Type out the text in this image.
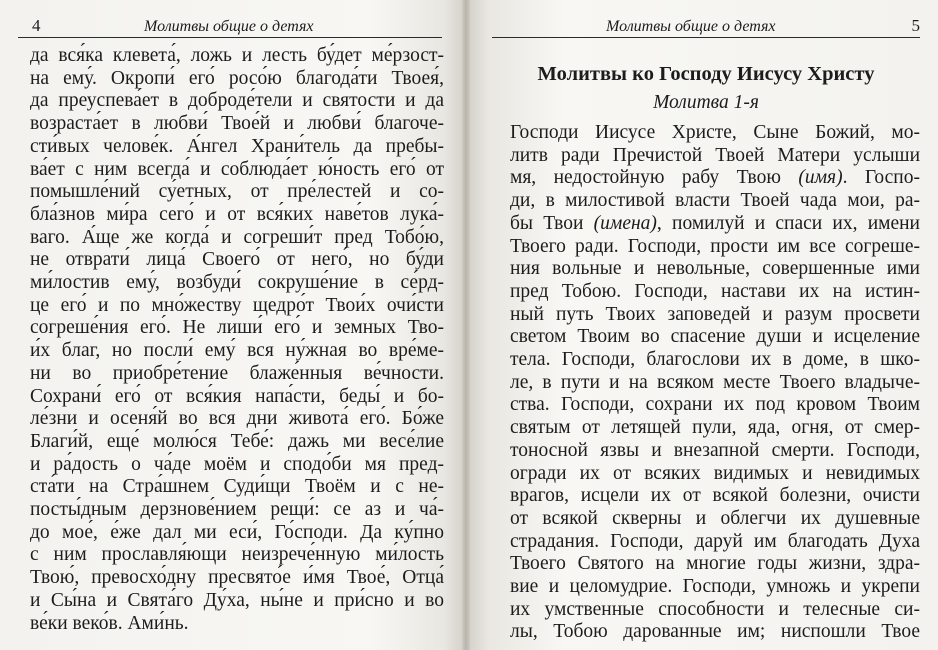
4	Молитвы общие о детях
да вся́ка клевета́, ложь и лесть бу́дет ме́рзост-
на ему́. Окропи́ его́ росо́ю благода́ти Твоея́,
да преуспева́ет в доброде́тели и святости и да
возраста́ет в любви́ Твое́й и любви́ благоче-
сти́вых челове́к. А́нгел Храни́тель да пребы-
ва́ет с ним всегда́ и соблюда́ет ю́ность его́ от
помышле́ний су́етных, от пре́лестей и со-
бла́знов ми́ра сего́ и от вся́ких наве́тов лука́-
ваго. А́ще же когда́ и согреши́т пред Тобо́ю,
не отврати́ лица́ Своего́ от него́, но бу́ди
ми́лостив ему́, возбуди́ сокруше́ние в се́рд-
це его́ и по мно́жеству щедро́т Твои́х очи́сти
согреше́ния его́. Не лиши́ его́ и земных Тво-
и́х благ, но посли́ ему́ вся ну́жная во вре́ме-
ни во приобре́тение блаже́нныя ве́чности.
Сохрани́ его́ от вся́кия напа́сти, беды́ и бо-
ле́зни и осеня́й во вся дни живота́ его́. Бо́же
Благи́й, еще́ молю́ся Тебе́: дажь ми весе́лие
и ра́дость о ча́де моём и сподо́би мя пред-
ста́ти на Стра́шнем Суди́щи Твоём и с не-
посты́дным дерзнове́нием рещи́: се аз и ча́-
до мое́, е́же дал ми еси́, Го́споди. Да ку́пно
с ним прославля́ющи неизрече́нную ми́лость
Твою́, превосхо́дну пресвято́е и́мя Твое́, Отца́
и Сы́на и Свята́го Ду́ха, ны́не и при́сно и во
ве́ки веко́в. Ами́нь.
Молитвы общие о детях	5
Молитвы ко Господу Иисусу Христу
Молитва 1-я
Господи Иисусе Христе, Сыне Божий, мо-
литв ради Пречистой Твоей Матери услыши
мя, недостойную рабу Твою (имя). Госпо-
ди, в милостивой власти Твоей чада мои, ра-
бы Твои (имена), помилуй и спаси их, имени
Твоего ради. Господи, прости им все согреше-
ния вольные и невольные, совершенные ими
пред Тобою. Господи, настави их на истин-
ный путь Твоих заповедей и разум просвети
светом Твоим во спасение души и исцеление
тела. Господи, благослови их в доме, в шко-
ле, в пути и на всяком месте Твоего владыче-
ства. Господи, сохрани их под кровом Твоим
святым от летящей пули, яда, огня, от смер-
тоносной язвы и внезапной смерти. Господи,
огради их от всяких видимых и невидимых
врагов, исцели их от всякой болезни, очисти
от всякой скверны и облегчи их душевные
страдания. Господи, даруй им благодать Духа
Твоего Святого на многие годы жизни, здра-
вие и целомудрие. Господи, умножь и укрепи
их умственные способности и телесные си-
лы, Тобою дарованные им; ниспошли Твое
